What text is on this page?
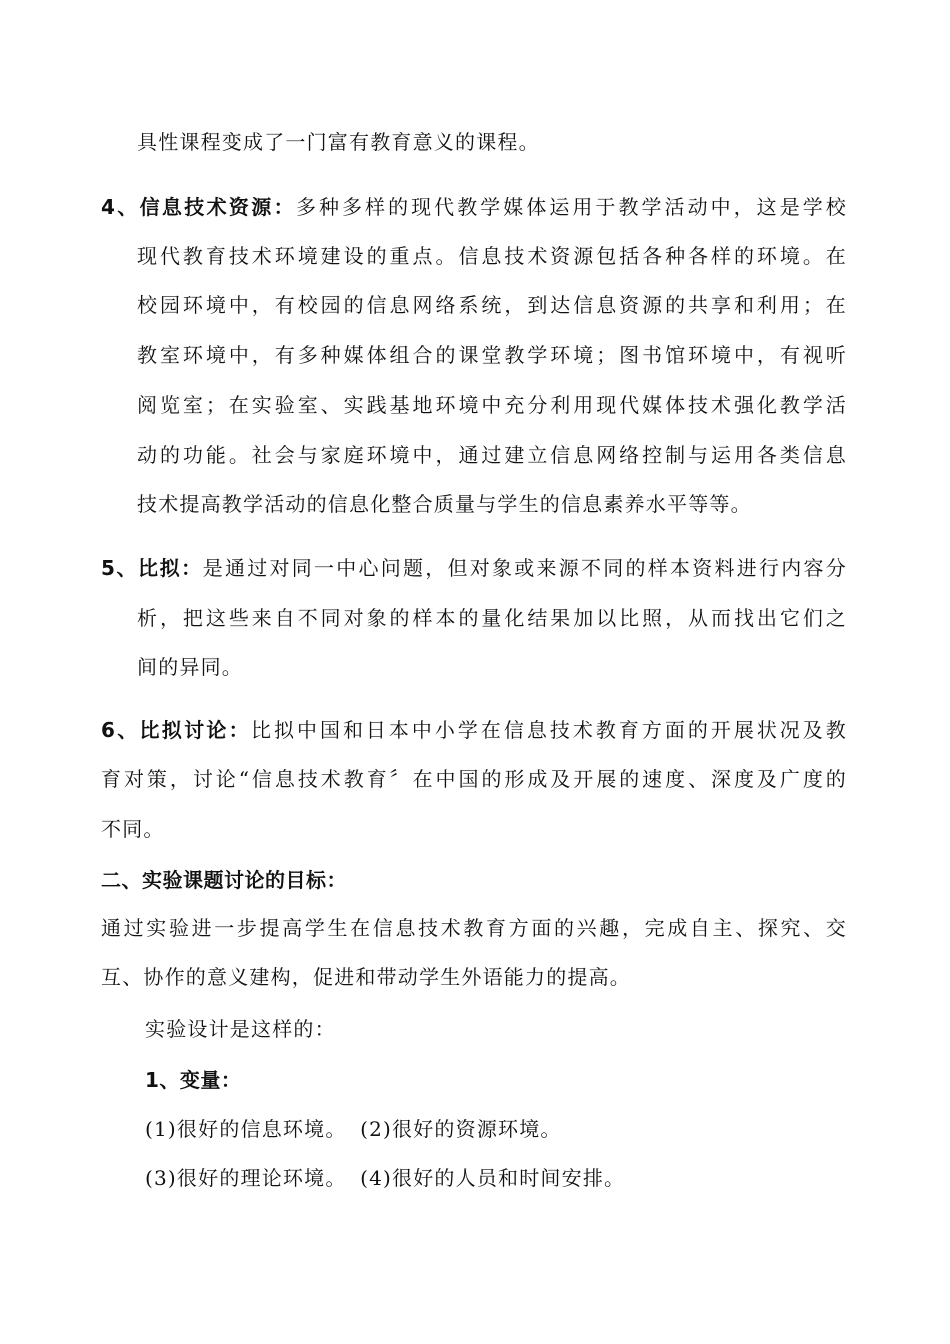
具性课程变成了一门富有教育意义的课程。
4、信息技术资源：多种多样的现代教学媒体运用于教学活动中，这是学校
现代教育技术环境建设的重点。信息技术资源包括各种各样的环境。在
校园环境中，有校园的信息网络系统，到达信息资源的共享和利用；在
教室环境中，有多种媒体组合的课堂教学环境；图书馆环境中，有视听
阅览室；在实验室、实践基地环境中充分利用现代媒体技术强化教学活
动的功能。社会与家庭环境中，通过建立信息网络控制与运用各类信息
技术提高教学活动的信息化整合质量与学生的信息素养水平等等。
5、比拟：是通过对同一中心问题，但对象或来源不同的样本资料进行内容分
析，把这些来自不同对象的样本的量化结果加以比照，从而找出它们之
间的异同。
6、比拟讨论：比拟中国和日本中小学在信息技术教育方面的开展状况及教
育对策，讨论“信息技术教育〞在中国的形成及开展的速度、深度及广度的
不同。
二、实验课题讨论的目标：
通过实验进一步提高学生在信息技术教育方面的兴趣，完成自主、探究、交
互、协作的意义建构，促进和带动学生外语能力的提高。
实验设计是这样的：
1、变量：
(1)很好的信息环境。 (2)很好的资源环境。
(3)很好的理论环境。 (4)很好的人员和时间安排。
